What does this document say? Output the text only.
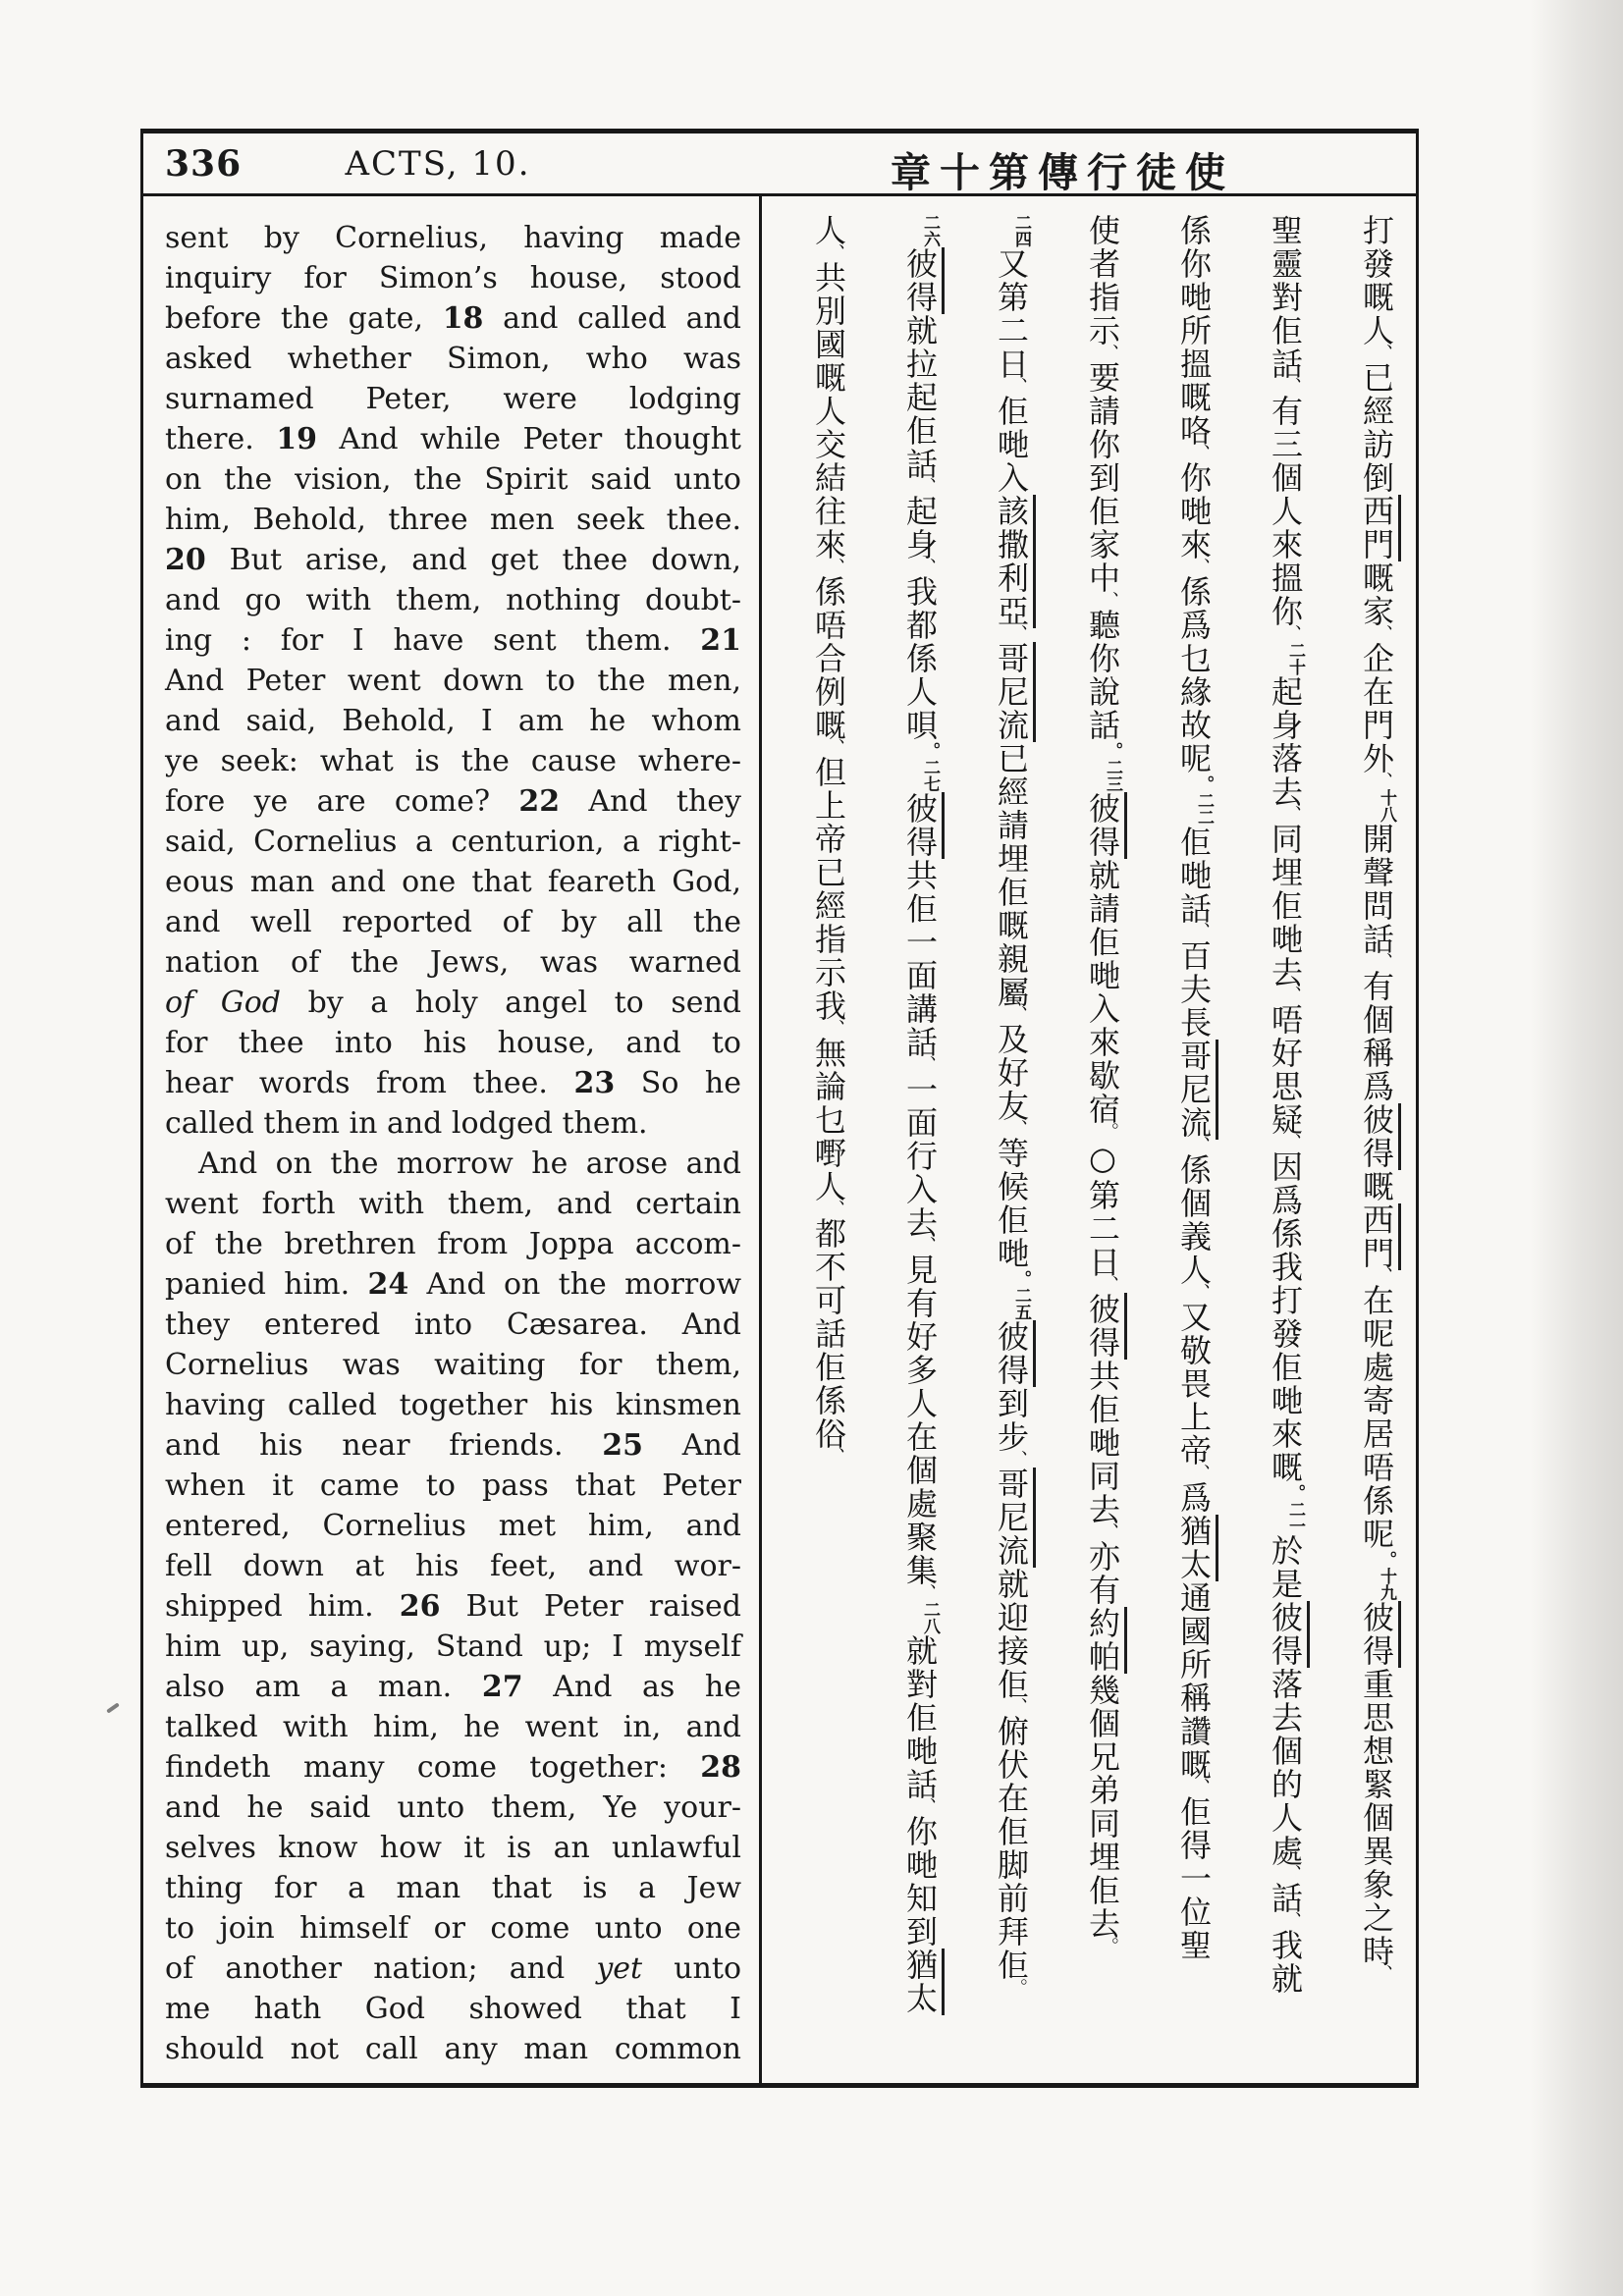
336	ACTS, 10.	章十第傳行徒使
sent by Cornelius, having made
inquiry for Simon’s house, stood
before the gate, 18 and called and
asked whether Simon, who was
surnamed Peter, were lodging
there. 19 And while Peter thought
on the vision, the Spirit said unto
him, Behold, three men seek thee.
20 But arise, and get thee down,
and go with them, nothing doubt-
ing : for I have sent them. 21
And Peter went down to the men,
and said, Behold, I am he whom
ye seek: what is the cause where-
fore ye are come? 22 And they
said, Cornelius a centurion, a right-
eous man and one that feareth God,
and well reported of by all the
nation of the Jews, was warned
of God by a holy angel to send
for thee into his house, and to
hear words from thee. 23 So he
called them in and lodged them.
And on the morrow he arose and
went forth with them, and certain
of the brethren from Joppa accom-
panied him. 24 And on the morrow
they entered into Cæsarea. And
Cornelius was waiting for them,
having called together his kinsmen
and his near friends. 25 And
when it came to pass that Peter
entered, Cornelius met him, and
fell down at his feet, and wor-
shipped him. 26 But Peter raised
him up, saying, Stand up; I myself
also am a man. 27 And as he
talked with him, he went in, and
findeth many come together: 28
and he said unto them, Ye your-
selves know how it is an unlawful
thing for a man that is a Jew
to join himself or come unto one
of another nation; and yet unto
me hath God showed that I
should not call any man common
打發嘅人、已經訪倒西門嘅家、企在門外、十八開聲問話、有個稱爲彼得嘅西門、在呢處寄居唔係呢。十九彼得重思想緊個異象之時、
聖靈對佢話、有三個人來搵你、二十起身落去、同埋佢哋去、唔好思疑、因爲係我打發佢哋來嘅。二一於是彼得落去個的人處、話、我就
係你哋所搵嘅咯、你哋來、係爲乜緣故呢。二二佢哋話、百夫長哥尼流、係個義人、又敬畏上帝、爲猶太通國所稱讚嘅、佢得一位聖
使者指示、要請你到佢家中、聽你說話。二三彼得就請佢哋入來歇宿。○第二日、彼得共佢哋同去、亦有約帕幾個兄弟同埋佢去。
二四又第二日、佢哋入該撒利亞、哥尼流已經請埋佢嘅親屬、及好友、等候佢哋。二五彼得到步、哥尼流就迎接佢、俯伏在佢脚前拜佢。
二六彼得就拉起佢話、起身、我都係人唄。二七彼得共佢一面講話、一面行入去、見有好多人在個處聚集、二八就對佢哋話、你哋知到猶太
人、共別國嘅人交結往來、係唔合例嘅、但上帝已經指示我、無論乜嘢人、都不可話佢係俗、
